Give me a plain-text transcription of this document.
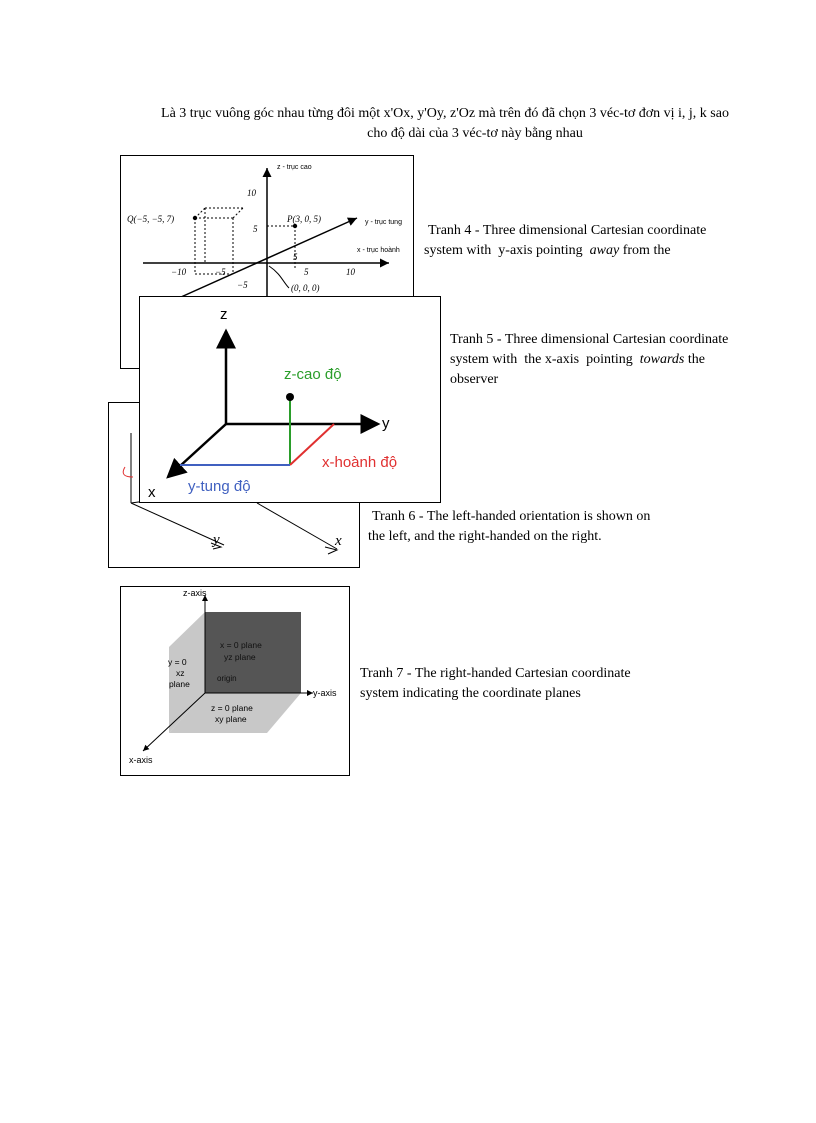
Là 3 trục vuông góc nhau từng đôi một x'Ox, y'Oy, z'Oz mà trên đó đã chọn 3 véc-tơ đơn vị i, j, k sao
cho độ dài của 3 véc-tơ này bằng nhau
z - trục cao
y - trục tung
x - trục hoành
Q(−5, −5, 7)	P(3, 0, 5)
(0, 0, 0)
−10	−5	5	10
10
5
−5
5
Tranh 4 - Three dimensional Cartesian coordinate
system with  y-axis pointing  away from the
y	x
Tranh 6 - The left-handed orientation is shown on
the left, and the right-handed on the right.
z
y
x
z-cao độ
x-hoành độ
y-tung độ
Tranh 5 - Three dimensional Cartesian coordinate
system with  the x-axis  pointing  towards the
observer
z-axis
y-axis
x-axis
x = 0 plane
yz plane
origin
y = 0
xz
plane
z = 0 plane
xy plane
Tranh 7 - The right-handed Cartesian coordinate
system indicating the coordinate planes
